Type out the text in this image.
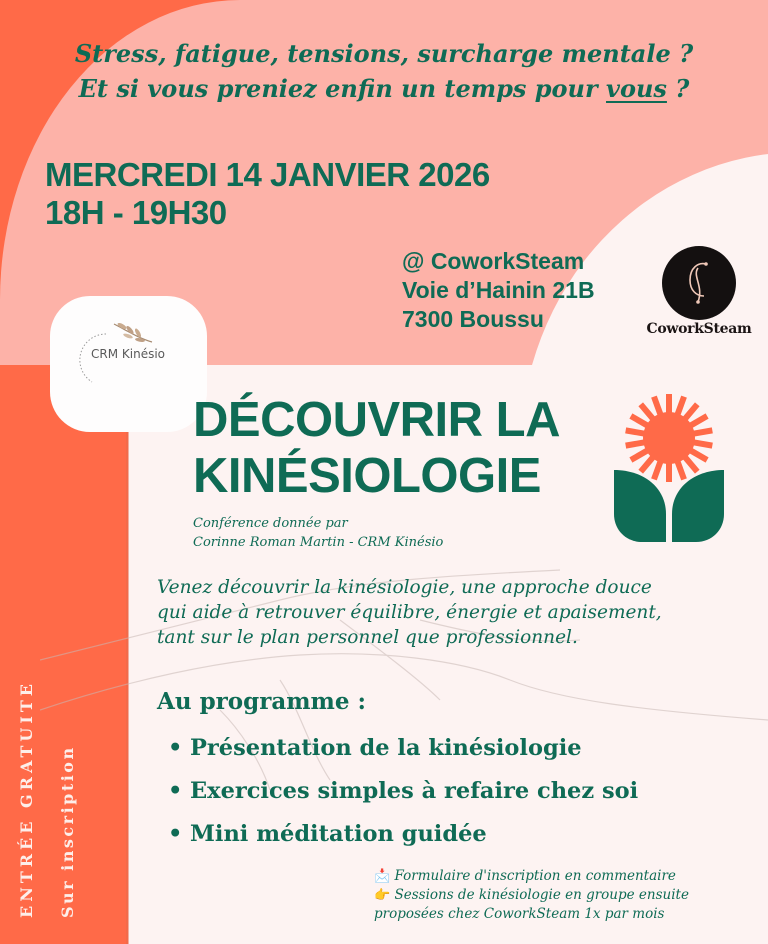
Stress, fatigue, tensions, surcharge mentale ?
Et si vous preniez enfin un temps pour vous ?
MERCREDI 14 JANVIER 2026
18H - 19H30
@ CoworkSteam
Voie d’Hainin 21B
7300 Boussu	CoworkSteam
CRM Kinésio
DÉCOUVRIR LA
KINÉSIOLOGIE
Conférence donnée par
Corinne Roman Martin - CRM Kinésio
Venez découvrir la kinésiologie, une approche douce
qui aide à retrouver équilibre, énergie et apaisement,
tant sur le plan personnel que professionnel.
Au programme :
• Présentation de la kinésiologie
• Exercices simples à refaire chez soi
• Mini méditation guidée
📩 Formulaire d'inscription en commentaire
👉 Sessions de kinésiologie en groupe ensuite
proposées chez CoworkSteam 1x par mois
ENTRÉE GRATUITE Sur inscription
